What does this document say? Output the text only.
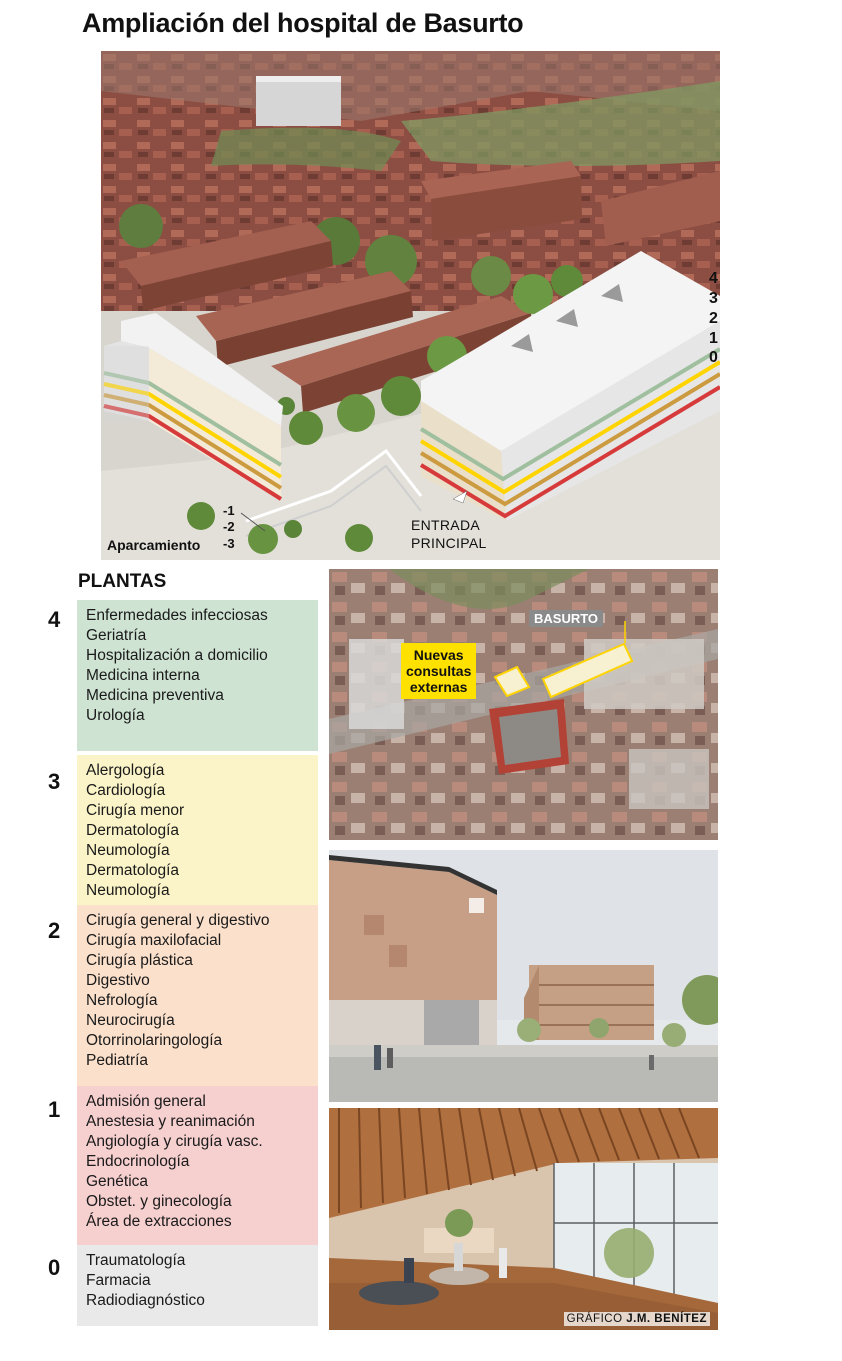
Ampliación del hospital de Basurto
4
3
2
1
0
-1
-2
-3
Aparcamiento
ENTRADA
PRINCIPAL
PLANTAS
4 Enfermedades infecciosas
Geriatría
Hospitalización a domicilio
Medicina interna
Medicina preventiva
Urología
3 Alergología
Cardiología
Cirugía menor
Dermatología
Neumología
Dermatología
Neumología
2 Cirugía general y digestivo
Cirugía maxilofacial
Cirugía plástica
Digestivo
Nefrología
Neurocirugía
Otorrinolaringología
Pediatría
1 Admisión general
Anestesia y reanimación
Angiología y cirugía vasc.
Endocrinología
Genética
Obstet. y ginecología
Área de extracciones
0 Traumatología
Farmacia
Radiodiagnóstico
Nuevas
consultas
externas
BASURTO
GRÁFICO J.M. BENÍTEZ
